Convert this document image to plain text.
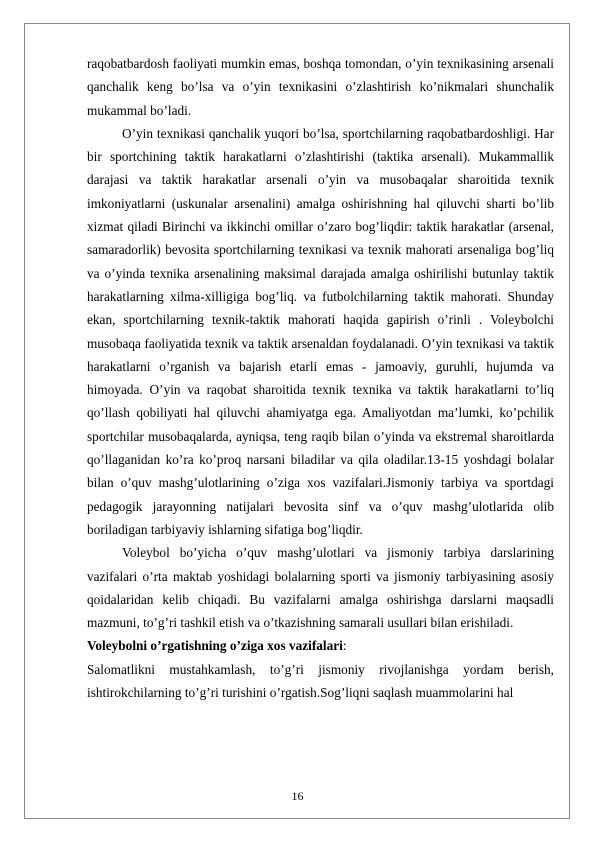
raqobatbardosh faoliyati mumkin emas, boshqa tomondan, o’yin texnikasining arsenali qanchalik keng bo’lsa va o’yin texnikasini o’zlashtirish ko’nikmalari shunchalik mukammal bo’ladi.

O’yin texnikasi qanchalik yuqori bo’lsa, sportchilarning raqobatbardoshligi. Har bir sportchining taktik harakatlarni o’zlashtirishi (taktika arsenali). Mukammallik darajasi va taktik harakatlar arsenali o’yin va musobaqalar sharoitida texnik imkoniyatlarni (uskunalar arsenalini) amalga oshirishning hal qiluvchi sharti bo’lib xizmat qiladi Birinchi va ikkinchi omillar o’zaro bog’liqdir: taktik harakatlar (arsenal, samaradorlik) bevosita sportchilarning texnikasi va texnik mahorati arsenaliga bog’liq va o’yinda texnika arsenalining maksimal darajada amalga oshirilishi butunlay taktik harakatlarning xilma-xilligiga bog’liq. va futbolchilarning taktik mahorati. Shunday ekan, sportchilarning texnik-taktik mahorati haqida gapirish o’rinli . Voleybolchi musobaqa faoliyatida texnik va taktik arsenaldan foydalanadi. O’yin texnikasi va taktik harakatlarni o’rganish va bajarish etarli emas - jamoaviy, guruhli, hujumda va himoyada. O’yin va raqobat sharoitida texnik texnika va taktik harakatlarni to’liq qo’llash qobiliyati hal qiluvchi ahamiyatga ega. Amaliyotdan ma’lumki, ko’pchilik sportchilar musobaqalarda, ayniqsa, teng raqib bilan o’yinda va ekstremal sharoitlarda qo’llaganidan ko’ra ko’proq narsani biladilar va qila oladilar.13-15 yoshdagi bolalar bilan o’quv mashg’ulotlarining o’ziga xos vazifalari.Jismoniy tarbiya va sportdagi pedagogik jarayonning natijalari bevosita sinf va o’quv mashg’ulotlarida olib boriladigan tarbiyaviy ishlarning sifatiga bog’liqdir.

Voleybol bo’yicha o’quv mashg’ulotlari va jismoniy tarbiya darslarining vazifalari o’rta maktab yoshidagi bolalarning sporti va jismoniy tarbiyasining asosiy qoidalaridan kelib chiqadi. Bu vazifalarni amalga oshirishga darslarni maqsadli mazmuni, to’g’ri tashkil etish va o’tkazishning samarali usullari bilan erishiladi.

Voleybolni o’rgatishning o’ziga xos vazifalari:

Salomatlikni mustahkamlash, to’g’ri jismoniy rivojlanishga yordam berish, ishtirokchilarning to’g’ri turishini o’rgatish.Sog’liqni saqlash muammolarini hal

16
